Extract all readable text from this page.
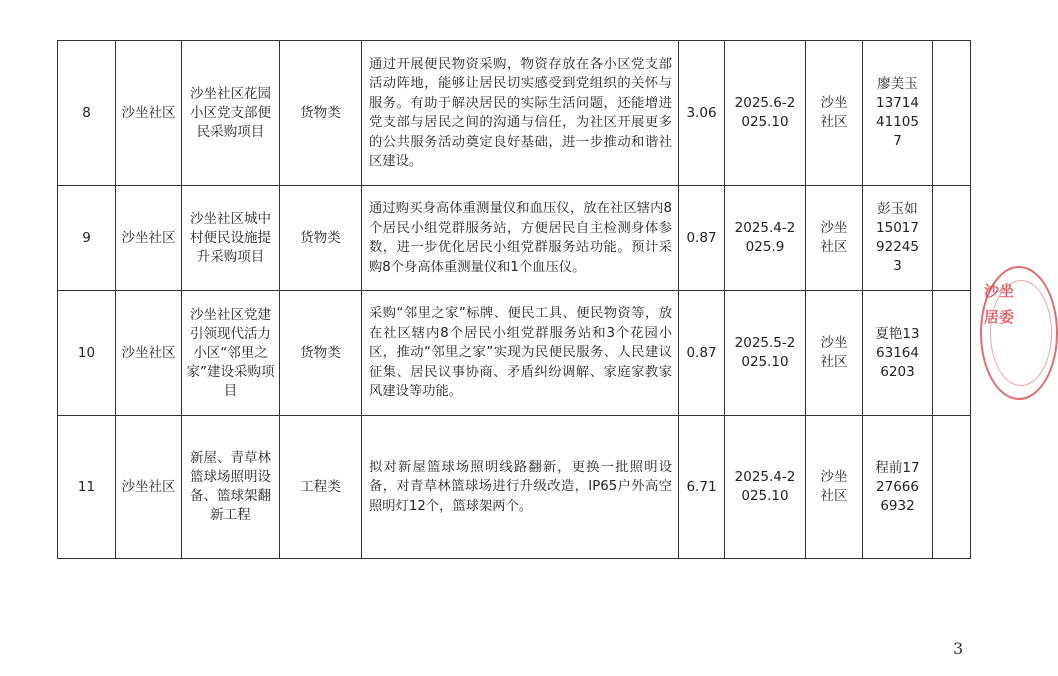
8	沙坐社区	沙坐社区花园小区党支部便民采购项目	货物类	通过开展便民物资采购，物资存放在各小区党支部活动阵地，能够让居民切实感受到党组织的关怀与服务。有助于解决居民的实际生活问题，还能增进党支部与居民之间的沟通与信任，为社区开展更多的公共服务活动奠定良好基础，进一步推动和谐社区建设。	3.06	2025.6-2025.10	沙坐社区	廖美玉13714411057	
9	沙坐社区	沙坐社区城中村便民设施提升采购项目	货物类	通过购买身高体重测量仪和血压仪，放在社区辖内8个居民小组党群服务站，方便居民自主检测身体参数，进一步优化居民小组党群服务站功能。预计采购8个身高体重测量仪和1个血压仪。	0.87	2025.4-2025.9	沙坐社区	彭玉如15017922453	
10	沙坐社区	沙坐社区党建引领现代活力小区“邻里之家”建设采购项目	货物类	采购“邻里之家”标牌、便民工具、便民物资等，放在社区辖内8个居民小组党群服务站和3个花园小区，推动“邻里之家”实现为民便民服务、人民建议征集、居民议事协商、矛盾纠纷调解、家庭家教家风建设等功能。	0.87	2025.5-2025.10	沙坐社区	夏艳13631646203	
11	沙坐社区	新屋、青草林篮球场照明设备、篮球架翻新工程	工程类	拟对新屋篮球场照明线路翻新，更换一批照明设备，对青草林篮球场进行升级改造，IP65户外高空照明灯12个，篮球架两个。	6.71	2025.4-2025.10	沙坐社区	程前17276666932	
沙坐居委
3
